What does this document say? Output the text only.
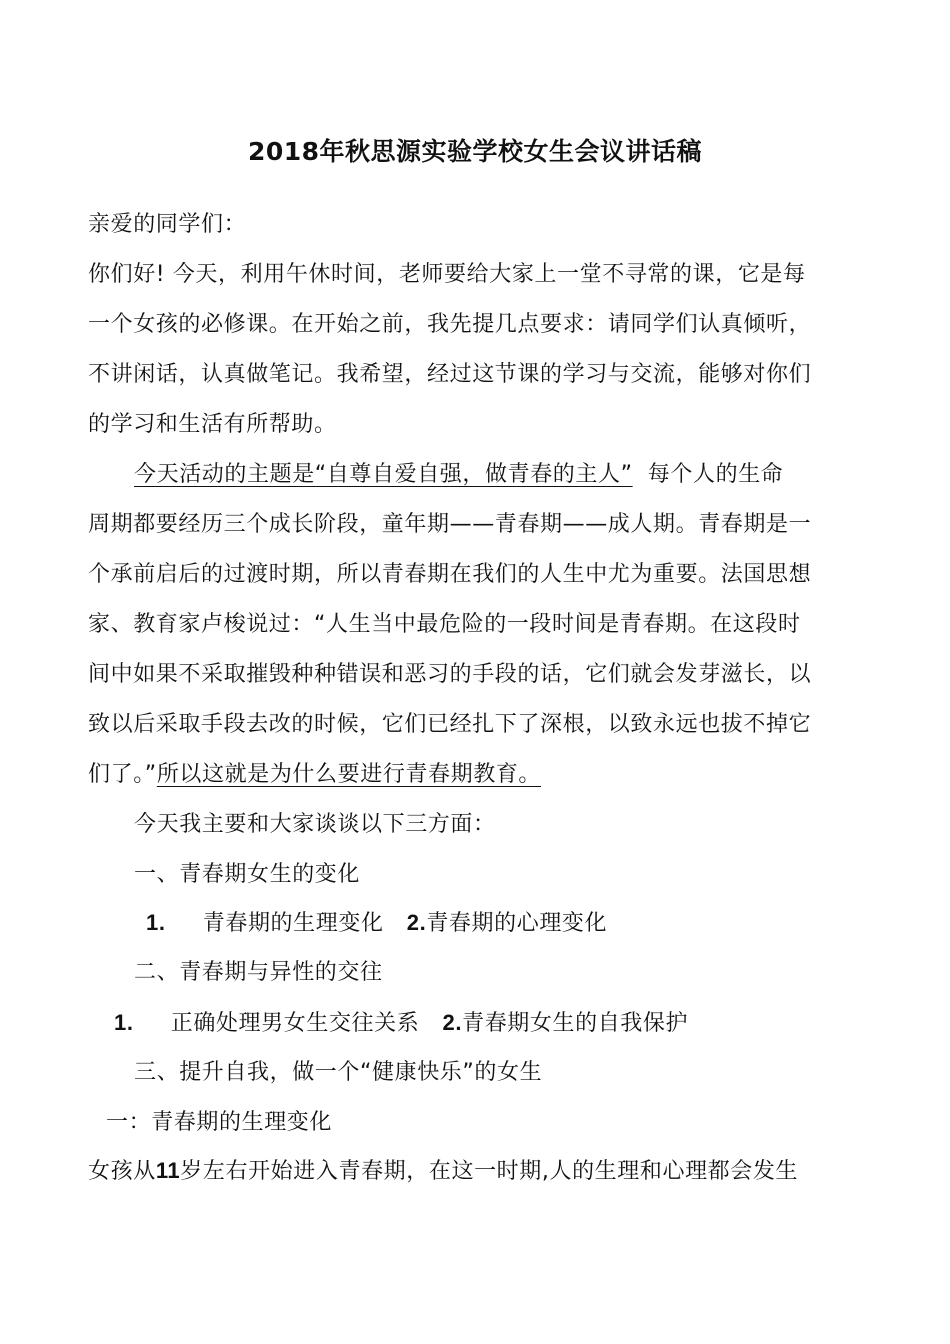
2018年秋思源实验学校女生会议讲话稿
亲爱的同学们：
你们好! 今天，利用午休时间，老师要给大家上一堂不寻常的课，它是每
一个女孩的必修课。在开始之前，我先提几点要求：请同学们认真倾听，
不讲闲话，认真做笔记。我希望，经过这节课的学习与交流，能够对你们
的学习和生活有所帮助。
今天活动的主题是“自尊自爱自强，做青春的主人”  每个人的生命
周期都要经历三个成长阶段，童年期——青春期——成人期。青春期是一
个承前启后的过渡时期，所以青春期在我们的人生中尤为重要。法国思想
家、教育家卢梭说过：“人生当中最危险的一段时间是青春期。在这段时
间中如果不采取摧毁种种错误和恶习的手段的话，它们就会发芽滋长，以
致以后采取手段去改的时候，它们已经扎下了深根，以致永远也拔不掉它
们了。”所以这就是为什么要进行青春期教育。
今天我主要和大家谈谈以下三方面：
一、青春期女生的变化
1. 青春期的生理变化 2.青春期的心理变化
二、青春期与异性的交往
1. 正确处理男女生交往关系 2.青春期女生的自我保护
三、提升自我，做一个“健康快乐”的女生
一：青春期的生理变化
女孩从11岁左右开始进入青春期，在这一时期,人的生理和心理都会发生
